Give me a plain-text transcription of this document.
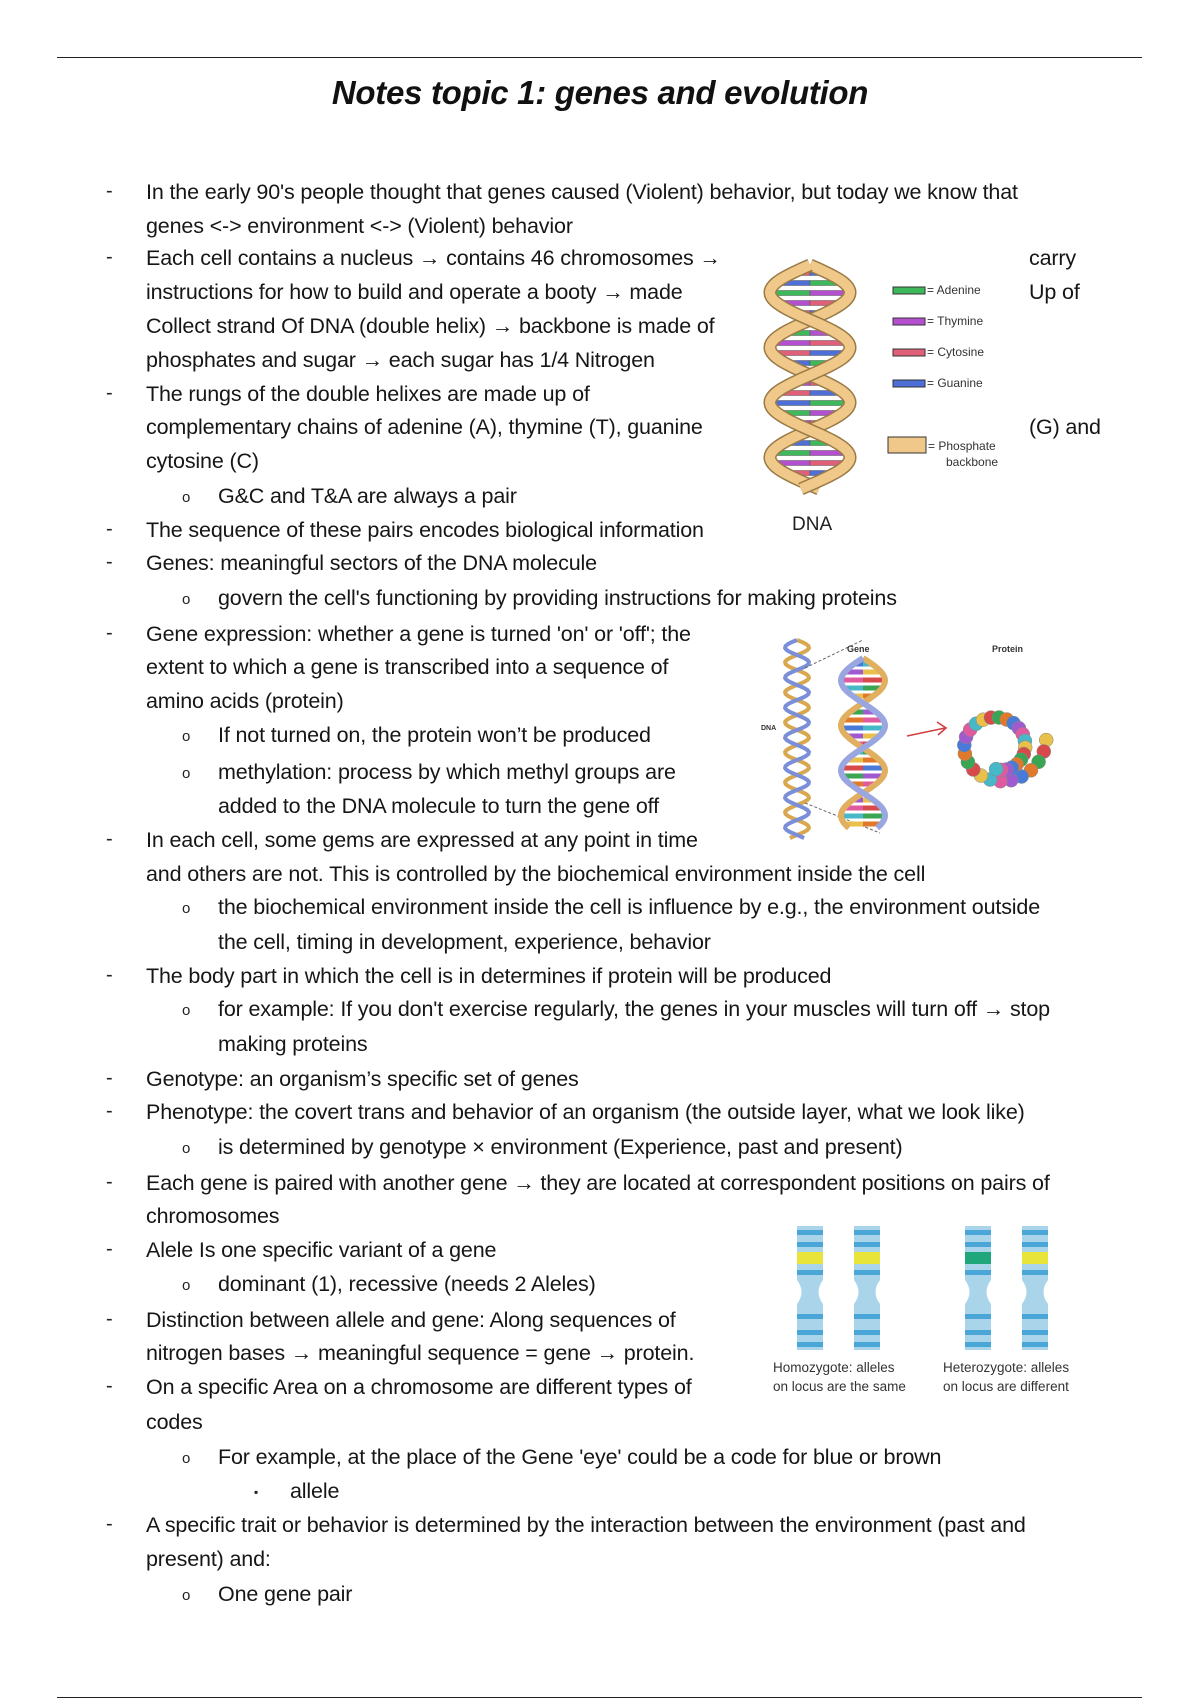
Notes topic 1: genes and evolution
In the early 90's people thought that genes caused (Violent) behavior, but today we know that
-
genes <-> environment <-> (Violent) behavior
Each cell contains a nucleus → contains 46 chromosomes →
-	carry
instructions for how to build and operate a booty → made	Up of
Collect strand Of DNA (double helix) → backbone is made of
phosphates and sugar → each sugar has 1/4 Nitrogen
The rungs of the double helixes are made up of
-
complementary chains of adenine (A), thymine (T), guanine	(G) and
cytosine (C)
G&C and T&A are always a pair
o
The sequence of these pairs encodes biological information
-
Genes: meaningful sectors of the DNA molecule
-
govern the cell's functioning by providing instructions for making proteins
o
Gene expression: whether a gene is turned 'on' or 'off'; the
-
extent to which a gene is transcribed into a sequence of
amino acids (protein)
If not turned on, the protein won’t be produced
o
methylation: process by which methyl groups are
o
added to the DNA molecule to turn the gene off
In each cell, some gems are expressed at any point in time
-
and others are not. This is controlled by the biochemical environment inside the cell
the biochemical environment inside the cell is influence by e.g., the environment outside
o
the cell, timing in development, experience, behavior
The body part in which the cell is in determines if protein will be produced
-
for example: If you don't exercise regularly, the genes in your muscles will turn off → stop
o
making proteins
Genotype: an organism’s specific set of genes
-
Phenotype: the covert trans and behavior of an organism (the outside layer, what we look like)
-
is determined by genotype × environment (Experience, past and present)
o
Each gene is paired with another gene → they are located at correspondent positions on pairs of
-
chromosomes
Alele Is one specific variant of a gene
-
dominant (1), recessive (needs 2 Aleles)
o
Distinction between allele and gene: Along sequences of
-
nitrogen bases → meaningful sequence = gene → protein.
On a specific Area on a chromosome are different types of
-
codes
For example, at the place of the Gene 'eye' could be a code for blue or brown
o
allele
▪
A specific trait or behavior is determined by the interaction between the environment (past and
-
present) and:
One gene pair
o
DNA
= Adenine
= Thymine
= Cytosine
= Guanine
= Phosphate
backbone
DNA
Gene	Protein
Homozygote: alleles
on locus are the same
Heterozygote: alleles
on locus are different
